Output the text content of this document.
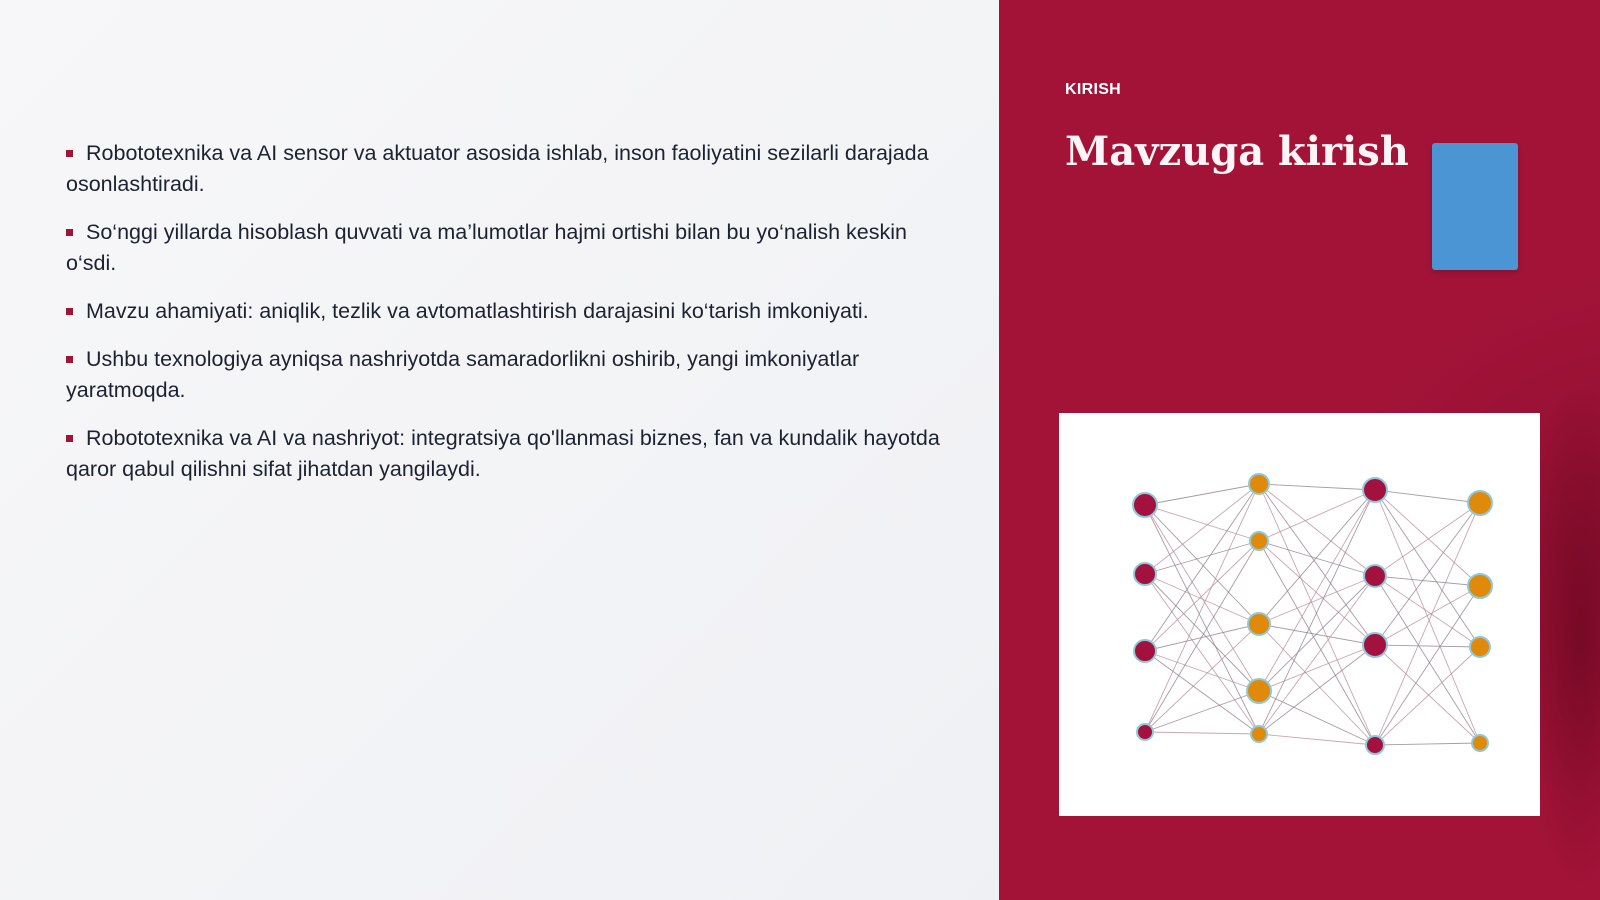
Robototexnika va AI sensor va aktuator asosida ishlab, inson faoliyatini sezilarli darajada osonlashtiradi.
So‘nggi yillarda hisoblash quvvati va ma’lumotlar hajmi ortishi bilan bu yo‘nalish keskin o‘sdi.
Mavzu ahamiyati: aniqlik, tezlik va avtomatlashtirish darajasini ko‘tarish imkoniyati.
Ushbu texnologiya ayniqsa nashriyotda samaradorlikni oshirib, yangi imkoniyatlar yaratmoqda.
Robototexnika va AI va nashriyot: integratsiya qo'llanmasi biznes, fan va kundalik hayotda qaror qabul qilishni sifat jihatdan yangilaydi.
KIRISH
Mavzuga kirish
